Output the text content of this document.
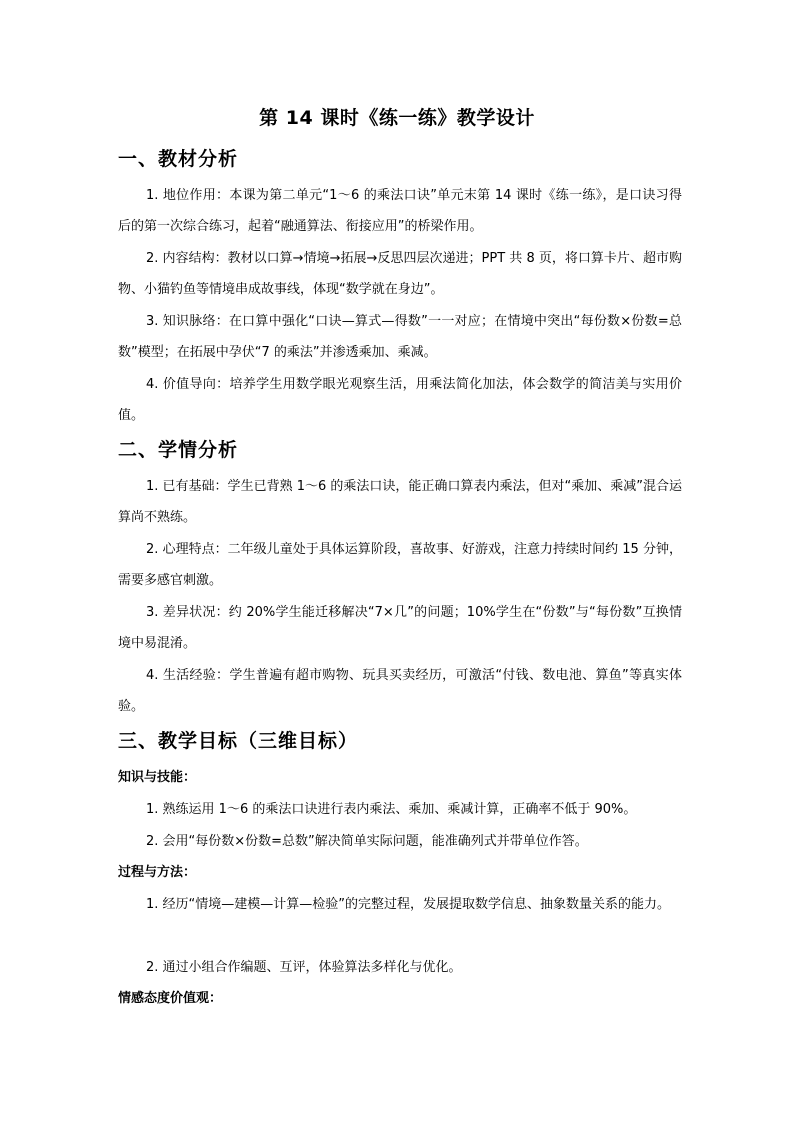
第 14 课时《练一练》教学设计
一、教材分析
1. 地位作用：本课为第二单元“1～6 的乘法口诀”单元末第 14 课时《练一练》，是口诀习得后的第一次综合练习，起着“融通算法、衔接应用”的桥梁作用。
2. 内容结构：教材以口算→情境→拓展→反思四层次递进；PPT 共 8 页，将口算卡片、超市购物、小猫钓鱼等情境串成故事线，体现“数学就在身边”。
3. 知识脉络：在口算中强化“口诀—算式—得数”一一对应；在情境中突出“每份数×份数=总数”模型；在拓展中孕伏“7 的乘法”并渗透乘加、乘减。
4. 价值导向：培养学生用数学眼光观察生活，用乘法简化加法，体会数学的简洁美与实用价值。
二、学情分析
1. 已有基础：学生已背熟 1～6 的乘法口诀，能正确口算表内乘法，但对“乘加、乘减”混合运算尚不熟练。
2. 心理特点：二年级儿童处于具体运算阶段，喜故事、好游戏，注意力持续时间约 15 分钟，需要多感官刺激。
3. 差异状况：约 20%学生能迁移解决“7×几”的问题；10%学生在“份数”与“每份数”互换情境中易混淆。
4. 生活经验：学生普遍有超市购物、玩具买卖经历，可激活“付钱、数电池、算鱼”等真实体验。
三、教学目标（三维目标）
知识与技能：
1. 熟练运用 1～6 的乘法口诀进行表内乘法、乘加、乘减计算，正确率不低于 90%。
2. 会用“每份数×份数=总数”解决简单实际问题，能准确列式并带单位作答。
过程与方法：
1. 经历“情境—建模—计算—检验”的完整过程，发展提取数学信息、抽象数量关系的能力。
2. 通过小组合作编题、互评，体验算法多样化与优化。
情感态度价值观：
